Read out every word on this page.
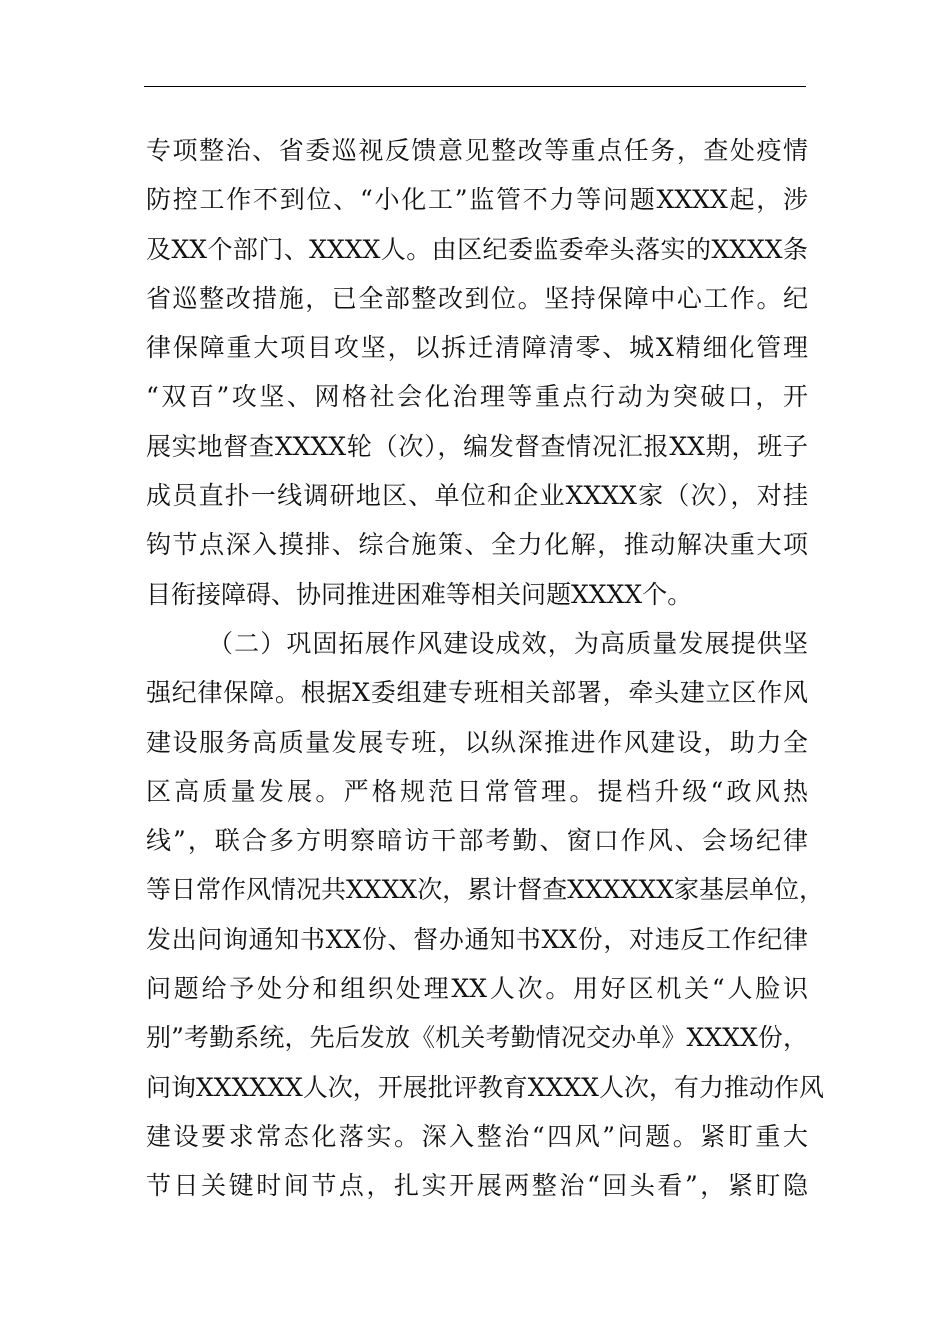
专项整治、省委巡视反馈意见整改等重点任务，查处疫情
防控工作不到位、“小化工”监管不力等问题XXXX起，涉
及XX个部门、XXXX人。由区纪委监委牵头落实的XXXX条
省巡整改措施，已全部整改到位。坚持保障中心工作。纪
律保障重大项目攻坚，以拆迁清障清零、城X精细化管理
“双百”攻坚、网格社会化治理等重点行动为突破口，开
展实地督查XXXX轮（次），编发督查情况汇报XX期，班子
成员直扑一线调研地区、单位和企业XXXX家（次），对挂
钩节点深入摸排、综合施策、全力化解，推动解决重大项
目衔接障碍、协同推进困难等相关问题XXXX个。
（二）巩固拓展作风建设成效，为高质量发展提供坚
强纪律保障。根据X委组建专班相关部署，牵头建立区作风
建设服务高质量发展专班，以纵深推进作风建设，助力全
区高质量发展。严格规范日常管理。提档升级“政风热
线”，联合多方明察暗访干部考勤、窗口作风、会场纪律
等日常作风情况共XXXX次，累计督查XXXXXX家基层单位，
发出问询通知书XX份、督办通知书XX份，对违反工作纪律
问题给予处分和组织处理XX人次。用好区机关“人脸识
别”考勤系统，先后发放《机关考勤情况交办单》XXXX份，
问询XXXXXX人次，开展批评教育XXXX人次，有力推动作风
建设要求常态化落实。深入整治“四风”问题。紧盯重大
节日关键时间节点，扎实开展两整治“回头看”，紧盯隐
